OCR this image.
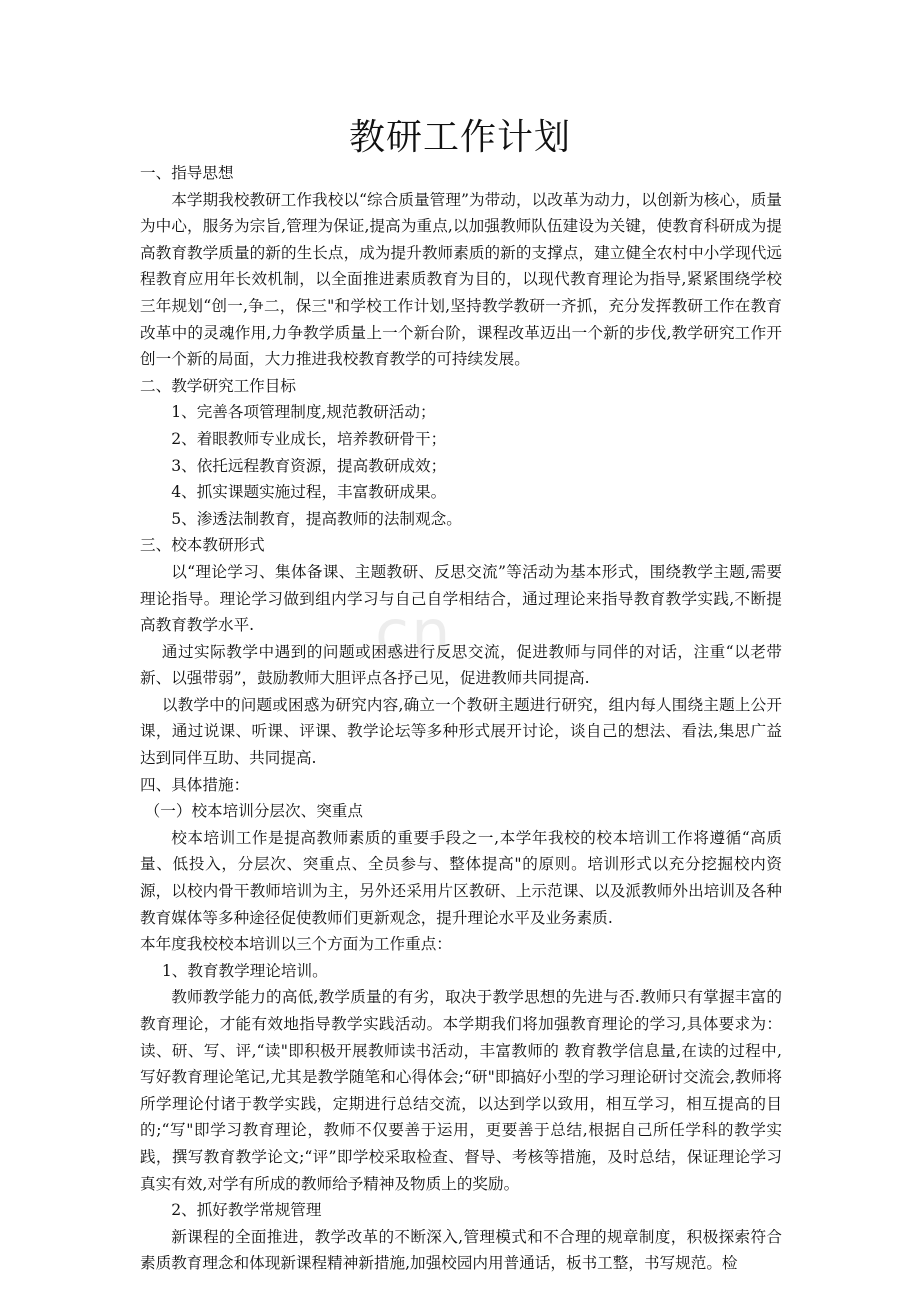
cn
教研工作计划

一、指导思想

本学期我校教研工作我校以“综合质量管理”为带动，以改革为动力，以创新为核心，质量为中心，服务为宗旨,管理为保证,提高为重点,以加强教师队伍建设为关键，使教育科研成为提高教育教学质量的新的生长点，成为提升教师素质的新的支撑点，建立健全农村中小学现代远程教育应用年长效机制，以全面推进素质教育为目的，以现代教育理论为指导,紧紧围绕学校三年规划“创一,争二，保三"和学校工作计划,坚持教学教研一齐抓，充分发挥教研工作在教育改革中的灵魂作用,力争教学质量上一个新台阶，课程改革迈出一个新的步伐,教学研究工作开创一个新的局面，大力推进我校教育教学的可持续发展。

二、教学研究工作目标

1、完善各项管理制度,规范教研活动；

2、着眼教师专业成长，培养教研骨干；

3、依托远程教育资源，提高教研成效；

4、抓实课题实施过程，丰富教研成果。

5、渗透法制教育，提高教师的法制观念。

三、校本教研形式

以“理论学习、集体备课、主题教研、反思交流”等活动为基本形式，围绕教学主题,需要理论指导。理论学习做到组内学习与自己自学相结合，通过理论来指导教育教学实践,不断提高教育教学水平.

通过实际教学中遇到的问题或困惑进行反思交流，促进教师与同伴的对话，注重“以老带新、以强带弱”，鼓励教师大胆评点各抒己见，促进教师共同提高.

以教学中的问题或困惑为研究内容,确立一个教研主题进行研究，组内每人围绕主题上公开课，通过说课、听课、评课、教学论坛等多种形式展开讨论，谈自己的想法、看法,集思广益达到同伴互助、共同提高.

四、具体措施：

（一）校本培训分层次、突重点

校本培训工作是提高教师素质的重要手段之一,本学年我校的校本培训工作将遵循“高质量、低投入，分层次、突重点、全员参与、整体提高"的原则。培训形式以充分挖掘校内资源，以校内骨干教师培训为主，另外还采用片区教研、上示范课、以及派教师外出培训及各种教育媒体等多种途径促使教师们更新观念，提升理论水平及业务素质.

本年度我校校本培训以三个方面为工作重点：

1、教育教学理论培训。

教师教学能力的高低,教学质量的有劣，取决于教学思想的先进与否.教师只有掌握丰富的教育理论，才能有效地指导教学实践活动。本学期我们将加强教育理论的学习,具体要求为：读、研、写、评,“读"即积极开展教师读书活动，丰富教师的 教育教学信息量,在读的过程中,写好教育理论笔记,尤其是教学随笔和心得体会;“研"即搞好小型的学习理论研讨交流会,教师将所学理论付诸于教学实践，定期进行总结交流，以达到学以致用，相互学习，相互提高的目的;“写"即学习教育理论，教师不仅要善于运用，更要善于总结,根据自己所任学科的教学实践，撰写教育教学论文;“评”即学校采取检查、督导、考核等措施，及时总结，保证理论学习真实有效,对学有所成的教师给予精神及物质上的奖励。

2、抓好教学常规管理

新课程的全面推进，教学改革的不断深入,管理模式和不合理的规章制度，积极探索符合素质教育理念和体现新课程精神新措施,加强校园内用普通话，板书工整，书写规范。检
